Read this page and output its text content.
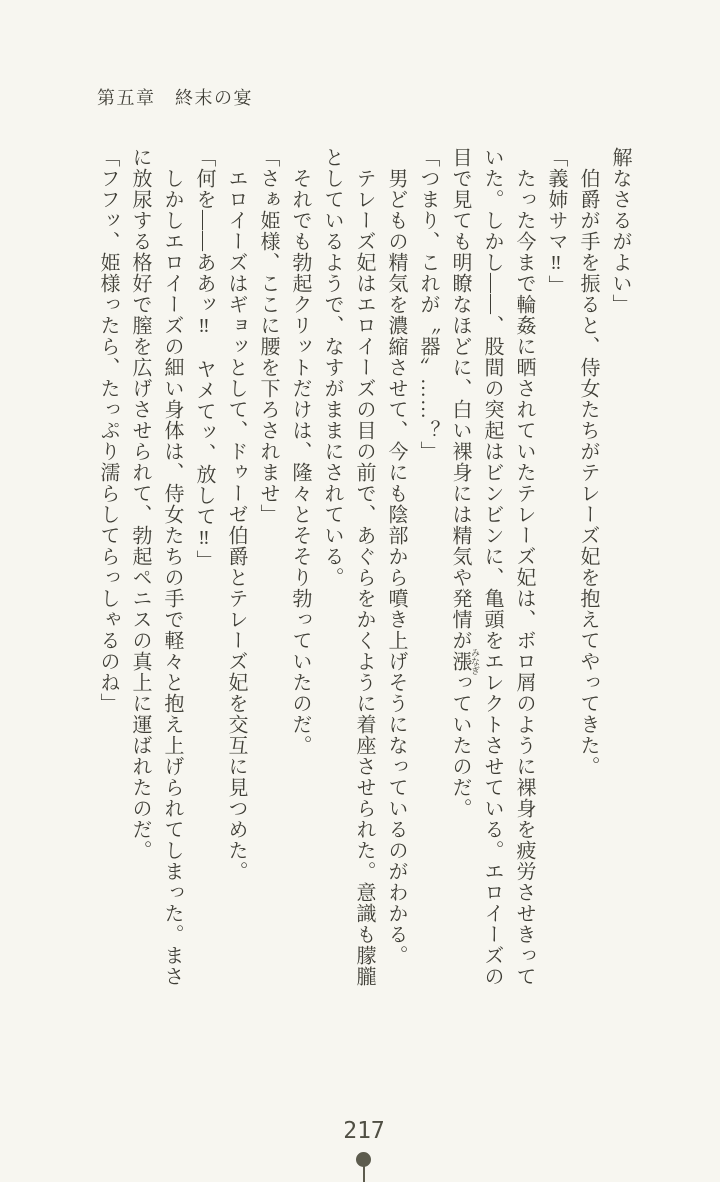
第五章　終末の宴

解なさるがよい」

伯爵が手を振ると、侍女たちがテレーズ妃を抱えてやってきた。

「義姉サマ‼」

たった今まで輪姦に晒されていたテレーズ妃は、ボロ屑のように裸身を疲労させきっていた。しかし――、股間の突起はビンビンに、亀頭をエレクトさせている。エロイーズの目で見ても明瞭なほどに、白い裸身には精気や発情が漲 みなぎっていたのだ。

「つまり、これが〝器〟……？」

男どもの精気を濃縮させて、今にも陰部から噴き上げそうになっているのがわかる。

テレーズ妃はエロイーズの目の前で、あぐらをかくように着座させられた。意識も朦朧としているようで、なすがままにされている。

それでも勃起クリットだけは、隆々とそそり勃っていたのだ。

「さぁ姫様、ここに腰を下ろされませ」

エロイーズはギョッとして、ドゥーゼ伯爵とテレーズ妃を交互に見つめた。

「何を――ああッ‼　ヤメてッ、放して‼」

しかしエロイーズの細い身体は、侍女たちの手で軽々と抱え上げられてしまった。まさに放尿する格好で膣を広げさせられて、勃起ペニスの真上に運ばれたのだ。

「フフッ、姫様ったら、たっぷり濡らしてらっしゃるのね」

217
